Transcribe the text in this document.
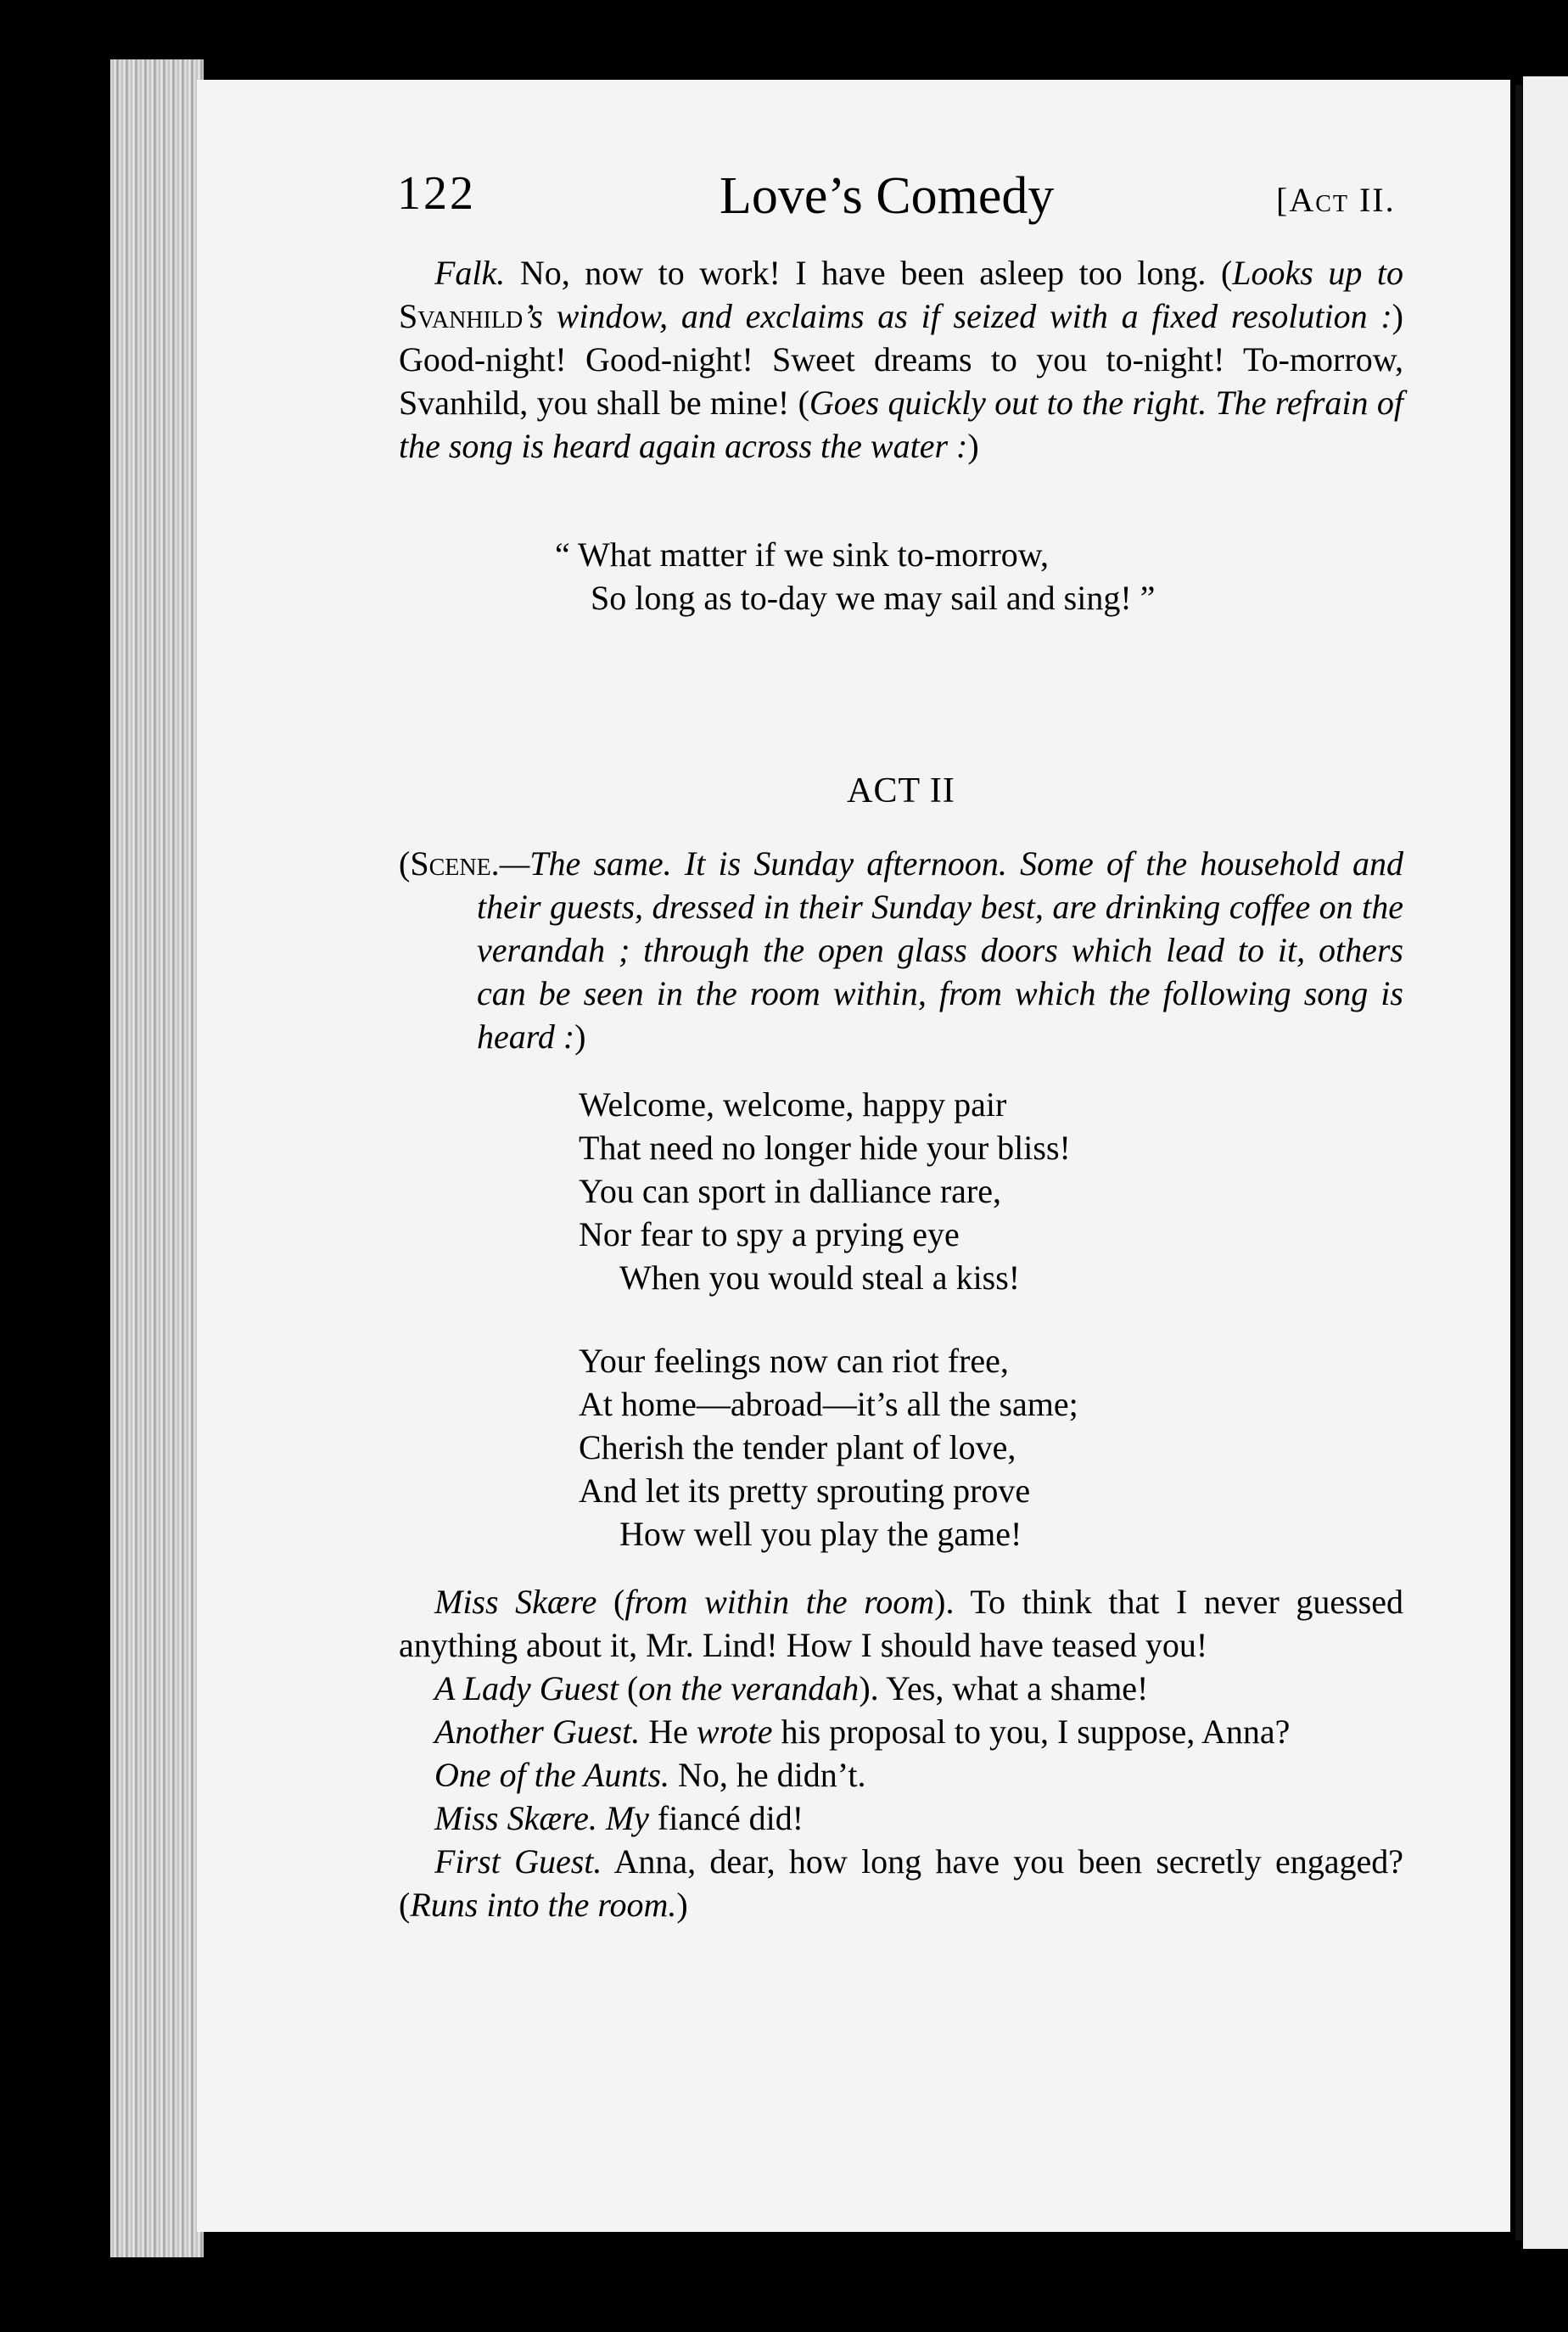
122	Love’s Comedy	[Act II.

Falk. No, now to work! I have been asleep too long. (Looks up to Svanhild’s window, and exclaims as if seized with a fixed resolution :) Good-night! Good-night! Sweet dreams to you to-night! To-morrow, Svanhild, you shall be mine! (Goes quickly out to the right. The refrain of the song is heard again across the water :)

“ What matter if we sink to-morrow,
So long as to-day we may sail and sing! ”
ACT II

(Scene.—The same. It is Sunday afternoon. Some of the household and their guests, dressed in their Sunday best, are drinking coffee on the verandah ; through the open glass doors which lead to it, others can be seen in the room within, from which the following song is heard :)

Welcome, welcome, happy pair
That need no longer hide your bliss!
You can sport in dalliance rare,
Nor fear to spy a prying eye
When you would steal a kiss!
Your feelings now can riot free,
At home—abroad—it’s all the same;
Cherish the tender plant of love,
And let its pretty sprouting prove
How well you play the game!

Miss Skære (from within the room). To think that I never guessed anything about it, Mr. Lind! How I should have teased you!

A Lady Guest (on the verandah). Yes, what a shame!

Another Guest. He wrote his proposal to you, I suppose, Anna?

One of the Aunts. No, he didn’t.

Miss Skære. My fiancé did!

First Guest. Anna, dear, how long have you been secretly engaged? (Runs into the room.)
